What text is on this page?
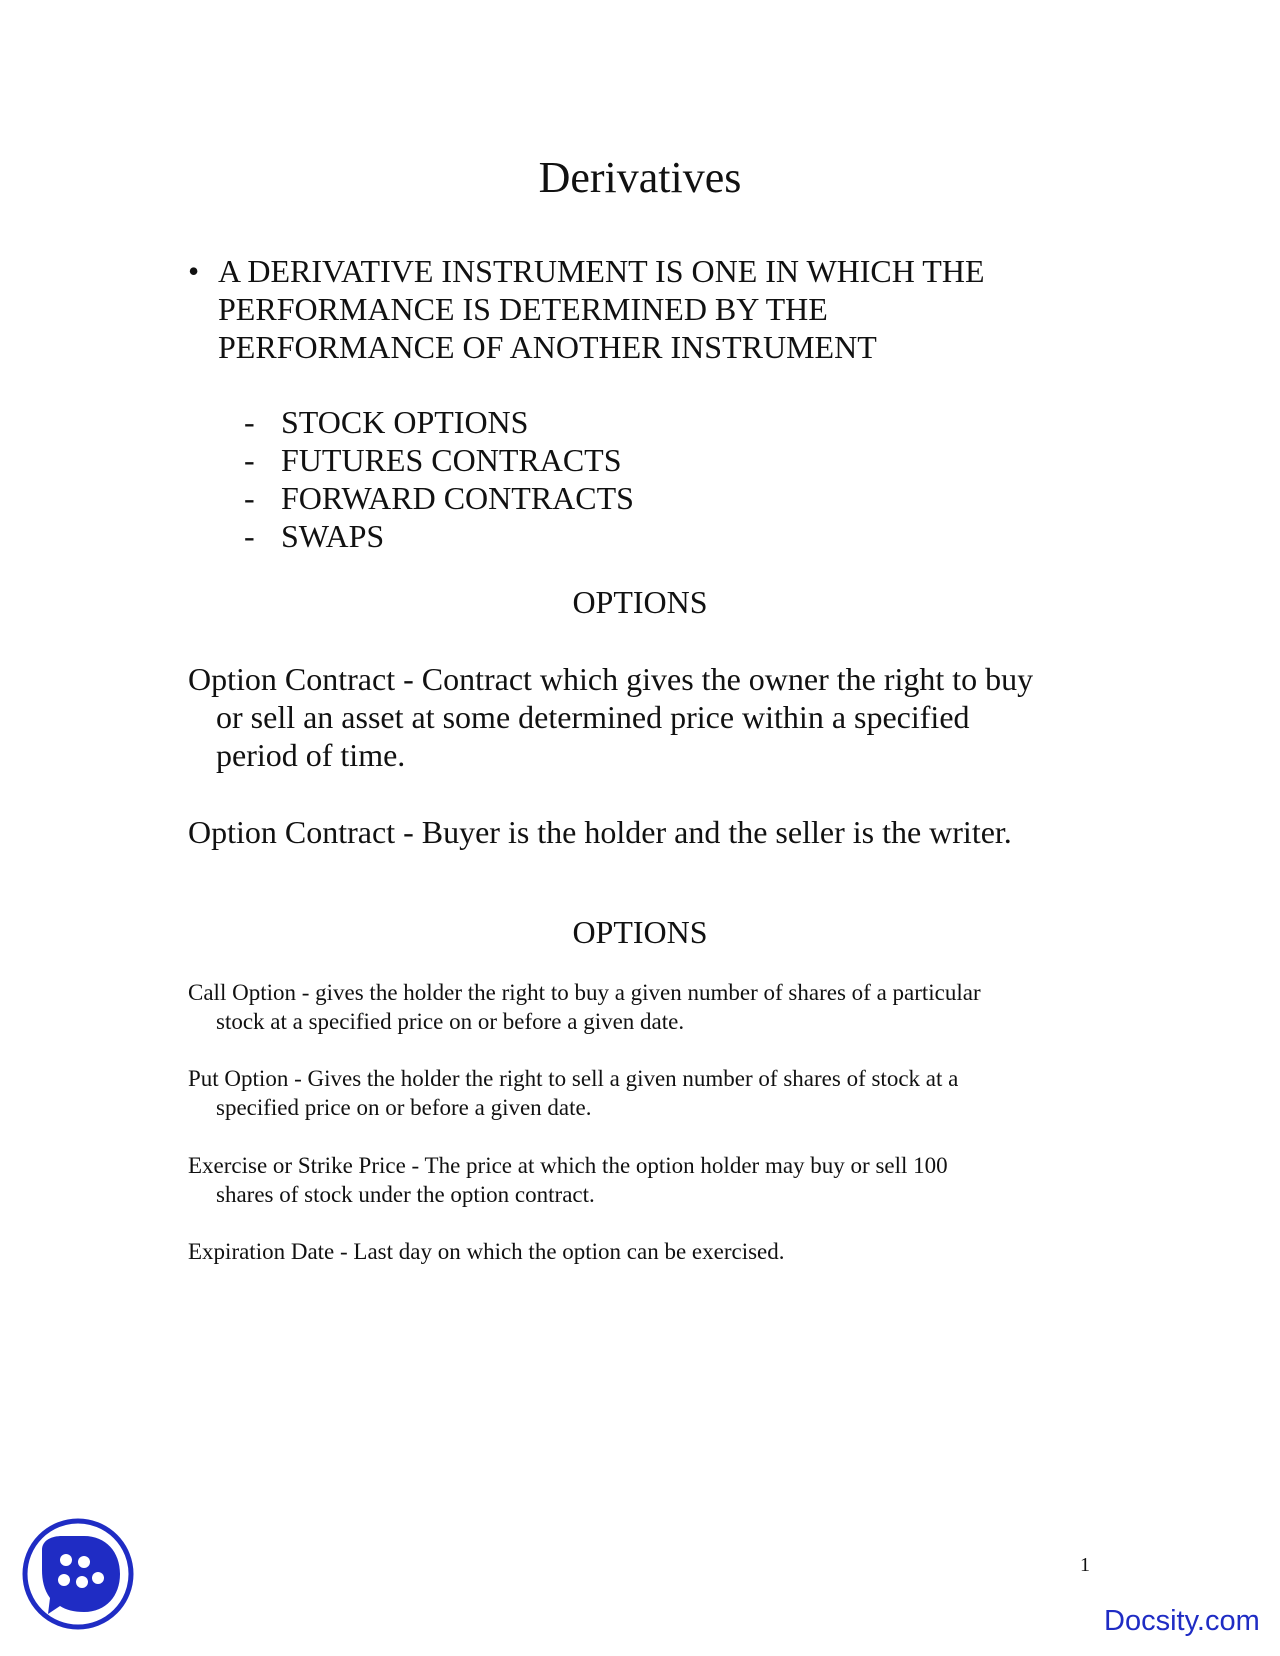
Derivatives
• A DERIVATIVE INSTRUMENT IS ONE IN WHICH THE
PERFORMANCE IS DETERMINED BY THE
PERFORMANCE OF ANOTHER INSTRUMENT
- STOCK OPTIONS
- FUTURES CONTRACTS
- FORWARD CONTRACTS
- SWAPS
OPTIONS
Option Contract - Contract which gives the owner the right to buy
or sell an asset at some determined price within a specified
period of time.
Option Contract - Buyer is the holder and the seller is the writer.
OPTIONS
Call Option - gives the holder the right to buy a given number of shares of a particular
stock at a specified price on or before a given date.
Put Option - Gives the holder the right to sell a given number of shares of stock at a
specified price on or before a given date.
Exercise or Strike Price - The price at which the option holder may buy or sell 100
shares of stock under the option contract.
Expiration Date - Last day on which the option can be exercised.
1
Docsity.com
